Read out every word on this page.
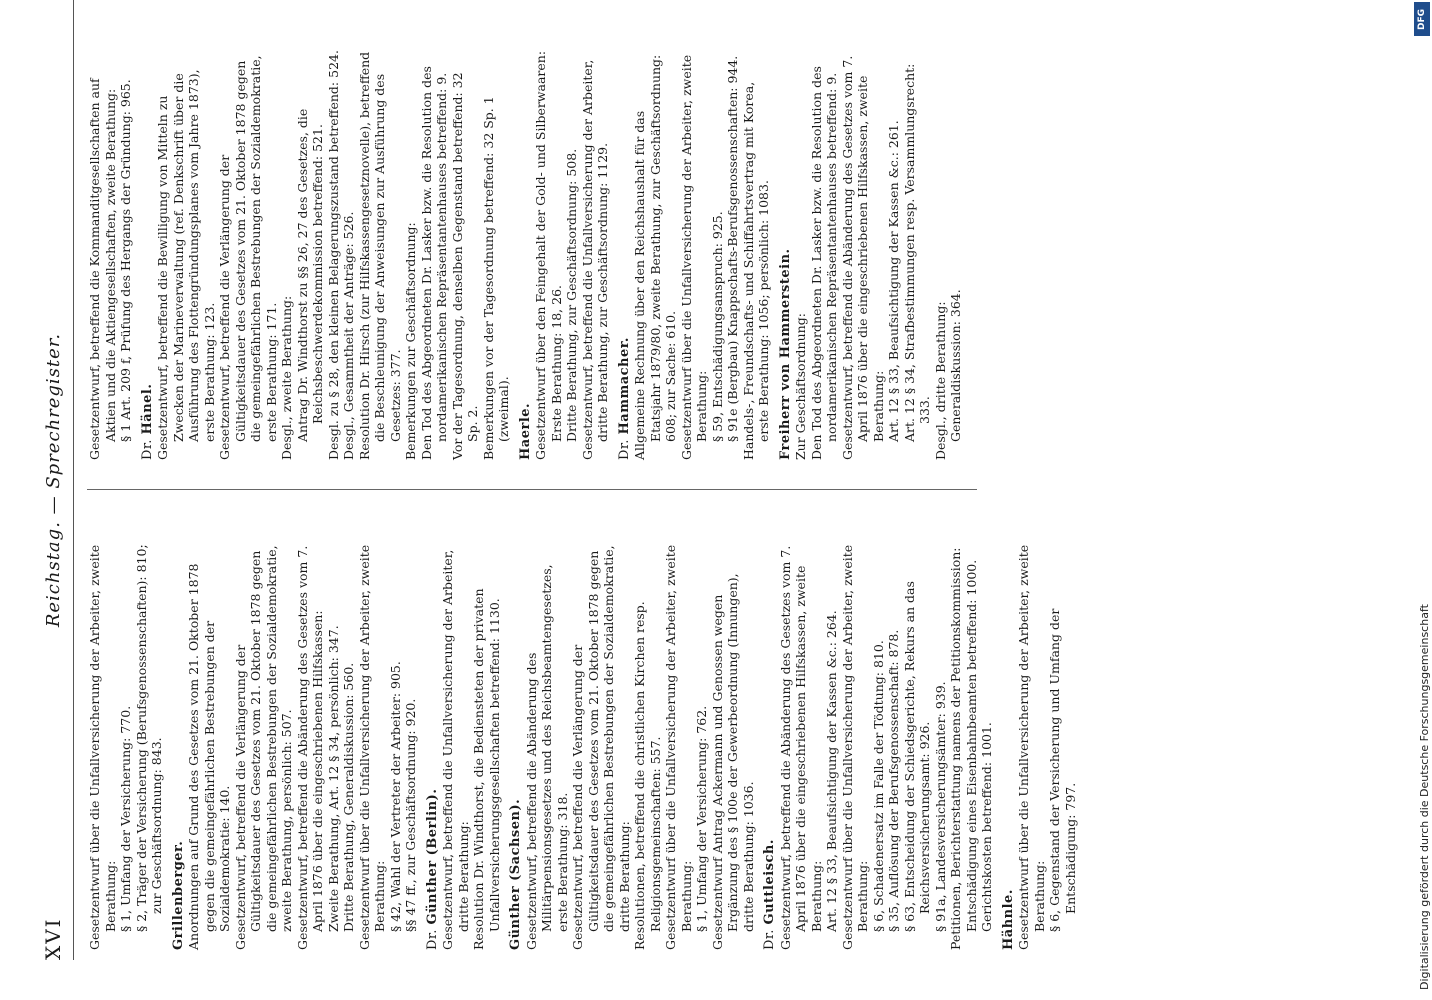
XVI
Reichstag. — Sprechregister.
Gesetzentwurf über die Unfallversicherung der Arbeiter, zweite Berathung: § 1, Umfang der Versicherung: 770. § 2, Träger der Versicherung (Berufsgenossenschaften): 810; zur Geschäftsordnung: 843. Grillenberger. Anordnungen auf Grund des Gesetzes vom 21. Oktober 1878 gegen die gemeingefährlichen Bestrebungen der Sozialdemokratie: 140. Gesetzentwurf, betreffend die Verlängerung der Gültigkeitsdauer des Gesetzes vom 21. Oktober 1878 gegen die gemeingefährlichen Bestrebungen der Sozialdemokratie, zweite Berathung, persönlich: 507. Gesetzentwurf, betreffend die Abänderung des Gesetzes vom 7. April 1876 über die eingeschriebenen Hilfskassen: Zweite Berathung, Art. 12 § 34, persönlich: 347. Dritte Berathung, Generaldiskussion: 560. Gesetzentwurf über die Unfallversicherung der Arbeiter, zweite Berathung: § 42, Wahl der Vertreter der Arbeiter: 905. §§ 47 ff., zur Geschäftsordnung: 920.
Dr. Günther (Berlin). Gesetzentwurf, betreffend die Unfallversicherung der Arbeiter, dritte Berathung: Resolution Dr. Windthorst, die Bediensteten der privaten Unfallversicherungsgesellschaften betreffend: 1130. Günther (Sachsen). Gesetzentwurf, betreffend die Abänderung des Militärpensionsgesetzes und des Reichsbeamtengesetzes, erste Berathung: 318. Gesetzentwurf, betreffend die Verlängerung der Gültigkeitsdauer des Gesetzes vom 21. Oktober 1878 gegen die gemeingefährlichen Bestrebungen der Sozialdemokratie, dritte Berathung: Resolutionen, betreffend die christlichen Kirchen resp. Religionsgemeinschaften: 557. Gesetzentwurf über die Unfallversicherung der Arbeiter, zweite Berathung: § 1, Umfang der Versicherung: 762. Gesetzentwurf Antrag Ackermann und Genossen wegen Ergänzung des § 100e der Gewerbeordnung (Innungen), dritte Berathung: 1036.
Dr. Guttleisch. Gesetzentwurf, betreffend die Abänderung des Gesetzes vom 7. April 1876 über die eingeschriebenen Hilfskassen, zweite Berathung: Art. 12 § 33, Beaufsichtigung der Kassen &c.: 264. Gesetzentwurf über die Unfallversicherung der Arbeiter, zweite Berathung: § 6, Schadenersatz im Falle der Tödtung: 810. § 35, Auflösung der Berufsgenossenschaft: 878. § 63, Entscheidung der Schiedsgerichte, Rekurs an das Reichsversicherungsamt: 926. § 91a, Landesversicherungsämter: 939. Petitionen, Berichterstattung namens der Petitionskommission: Entschädigung eines Eisenbahnbeamten betreffend: 1000. Gerichtskosten betreffend: 1001. Hähnle. Gesetzentwurf über die Unfallversicherung der Arbeiter, zweite Berathung: § 6, Gegenstand der Versicherung und Umfang der Entschädigung: 797.
Gesetzentwurf, betreffend die Kommanditgesellschaften auf Aktien und die Aktiengesellschaften, zweite Berathung: § 1 Art. 209 f, Prüfung des Hergangs der Gründung: 965.
Dr. Hänel. Gesetzentwurf, betreffend die Bewilligung von Mitteln zu Zwecken der Marineverwaltung (ref. Denkschrift über die Ausführung des Flottengründungsplanes vom Jahre 1873), erste Berathung: 123. Gesetzentwurf, betreffend die Verlängerung der Gültigkeitsdauer des Gesetzes vom 21. Oktober 1878 gegen die gemeingefährlichen Bestrebungen der Sozialdemokratie, erste Berathung: 171. Desgl., zweite Berathung: Antrag Dr. Windthorst zu §§ 26, 27 des Gesetzes, die Reichsbeschwerdekommission betreffend: 521. Desgl. zu § 28, den kleinen Belagerungszustand betreffend: 524. Desgl., Gesammtheit der Anträge: 526. Resolution Dr. Hirsch (zur Hilfskassengesetznovelle), betreffend die Beschleunigung der Anweisungen zur Ausführung des Gesetzes: 377. Bemerkungen zur Geschäftsordnung: Den Tod des Abgeordneten Dr. Lasker bzw. die Resolution des nordamerikanischen Repräsentantenhauses betreffend: 9. Vor der Tagesordnung, denselben Gegenstand betreffend: 32 Sp. 2. Bemerkungen vor der Tagesordnung betreffend: 32 Sp. 1 (zweimal). Haerle. Gesetzentwurf über den Feingehalt der Gold- und Silberwaaren: Erste Berathung: 18, 26. Dritte Berathung, zur Geschäftsordnung: 508. Gesetzentwurf, betreffend die Unfallversicherung der Arbeiter, dritte Berathung, zur Geschäftsordnung: 1129.
Dr. Hammacher. Allgemeine Rechnung über den Reichshaushalt für das Etatsjahr 1879/80, zweite Berathung, zur Geschäftsordnung: 608; zur Sache: 610. Gesetzentwurf über die Unfallversicherung der Arbeiter, zweite Berathung: § 59, Entschädigungsanspruch: 925. § 91e (Bergbau) Knappschafts-Berufsgenossenschaften: 944. Handels-, Freundschafts- und Schiffahrtsvertrag mit Korea, erste Berathung: 1056; persönlich: 1083. Freiherr von Hammerstein. Zur Geschäftsordnung: Den Tod des Abgeordneten Dr. Lasker bzw. die Resolution des nordamerikanischen Repräsentantenhauses betreffend: 9. Gesetzentwurf, betreffend die Abänderung des Gesetzes vom 7. April 1876 über die eingeschriebenen Hilfskassen, zweite Berathung: Art. 12 § 33, Beaufsichtigung der Kassen &c.: 261. Art. 12 § 34, Strafbestimmungen resp. Versammlungsrecht: 333. Desgl., dritte Berathung: Generaldiskussion: 364.
Digitalisierung gefördert durch die Deutsche Forschungsgemeinschaft
DFG
